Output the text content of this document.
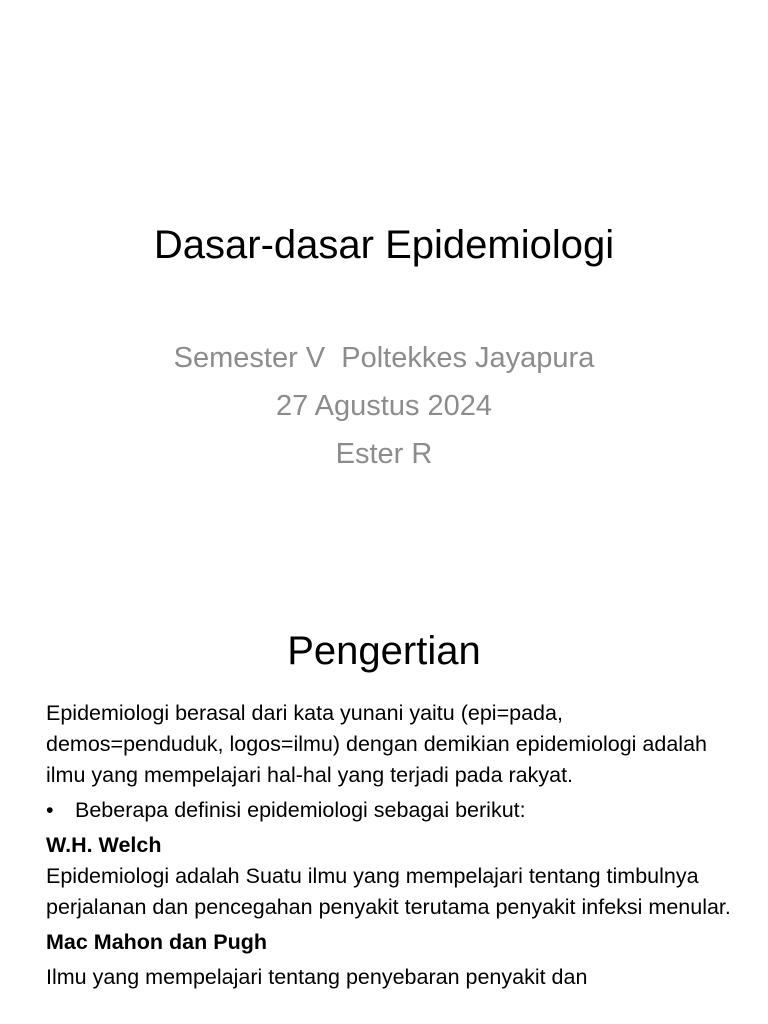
Dasar-dasar Epidemiologi
Semester V  Poltekkes Jayapura
27 Agustus 2024
Ester R
Pengertian

Epidemiologi berasal dari kata yunani yaitu (epi=pada, demos=penduduk, logos=ilmu) dengan demikian epidemiologi adalah ilmu yang mempelajari hal-hal yang terjadi pada rakyat.

• Beberapa definisi epidemiologi sebagai berikut:

W.H. Welch

Epidemiologi adalah Suatu ilmu yang mempelajari tentang timbulnya perjalanan dan pencegahan penyakit terutama penyakit infeksi menular.

Mac Mahon dan Pugh

Ilmu yang mempelajari tentang penyebaran penyakit dan
